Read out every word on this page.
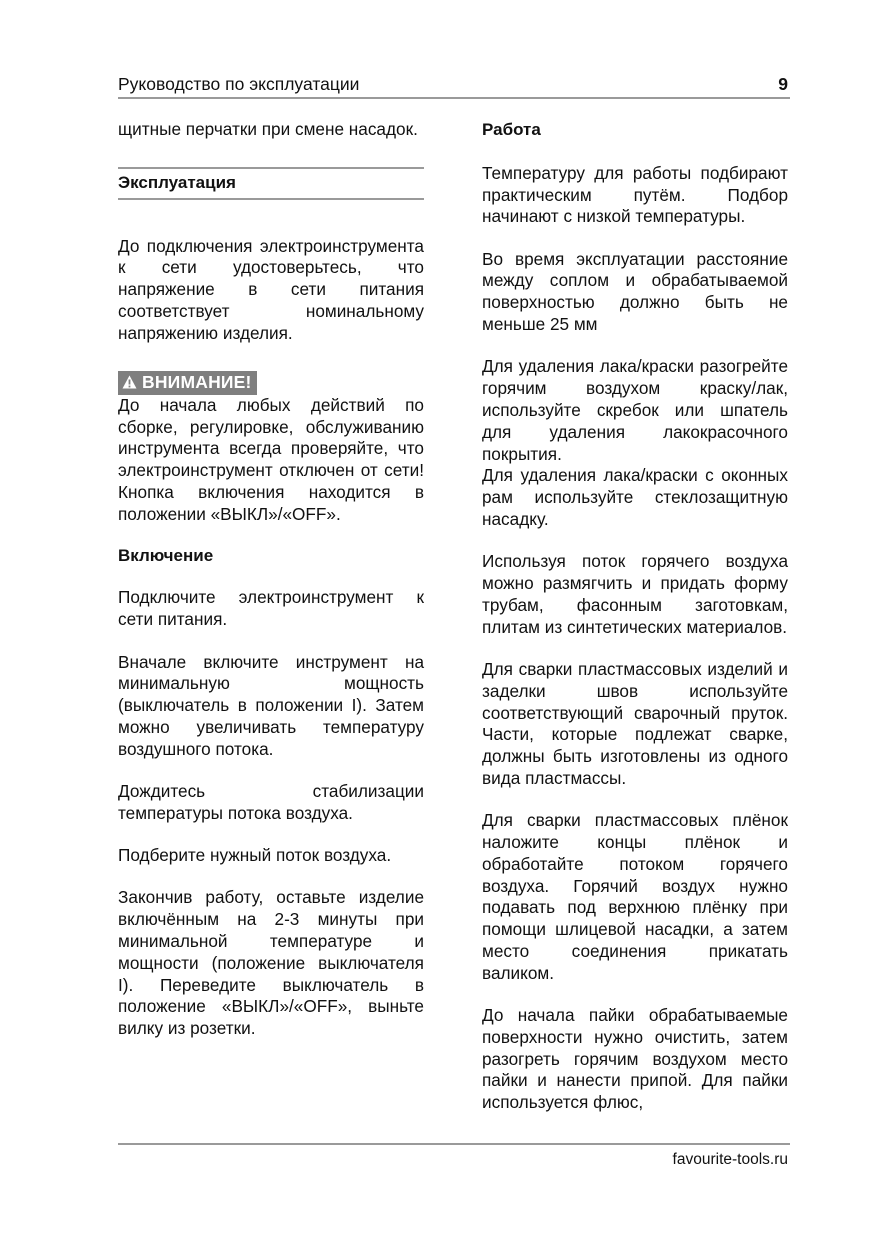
Руководство по эксплуатации	9

щитные перчатки при смене насадок.

Эксплуатация

До подключения электроинструмента к сети удостоверьтесь, что напряжение в сети питания соответствует номинальному напряжению изделия.

ВНИМАНИЕ!

До начала любых действий по сборке, регулировке, обслуживанию инструмента всегда проверяйте, что электроинструмент отключен от сети! Кнопка включения находится в положении «ВЫКЛ»/«OFF».

Включение

Подключите электроинструмент к сети питания.

Вначале включите инструмент на минимальную мощность (выключатель в положении I). Затем можно увеличивать температуру воздушного потока.

Дождитесь стабилизации температуры потока воздуха.

Подберите нужный поток воздуха.

Закончив работу, оставьте изделие включённым на 2-3 минуты при минимальной температуре и мощности (положение выключателя I). Переведите выключатель в положение «ВЫКЛ»/«OFF», выньте вилку из розетки.

Работа

Температуру для работы подбирают практическим путём. Подбор начинают с низкой температуры.

Во время эксплуатации расстояние между соплом и обрабатываемой поверхностью должно быть не меньше 25 мм

Для удаления лака/краски разогрейте горячим воздухом краску/лак, используйте скребок или шпатель для удаления лакокрасочного покрытия.

Для удаления лака/краски с оконных рам используйте стеклозащитную насадку.

Используя поток горячего воздуха можно размягчить и придать форму трубам, фасонным заготовкам, плитам из синтетических материалов.

Для сварки пластмассовых изделий и заделки швов используйте соответствующий сварочный пруток. Части, которые подлежат сварке, должны быть изготовлены из одного вида пластмассы.

Для сварки пластмассовых плёнок наложите концы плёнок и обработайте потоком горячего воздуха. Горячий воздух нужно подавать под верхнюю плёнку при помощи шлицевой насадки, а затем место соединения прикатать валиком.

До начала пайки обрабатываемые поверхности нужно очистить, затем разогреть горячим воздухом место пайки и нанести припой. Для пайки используется флюс,

favourite-tools.ru
